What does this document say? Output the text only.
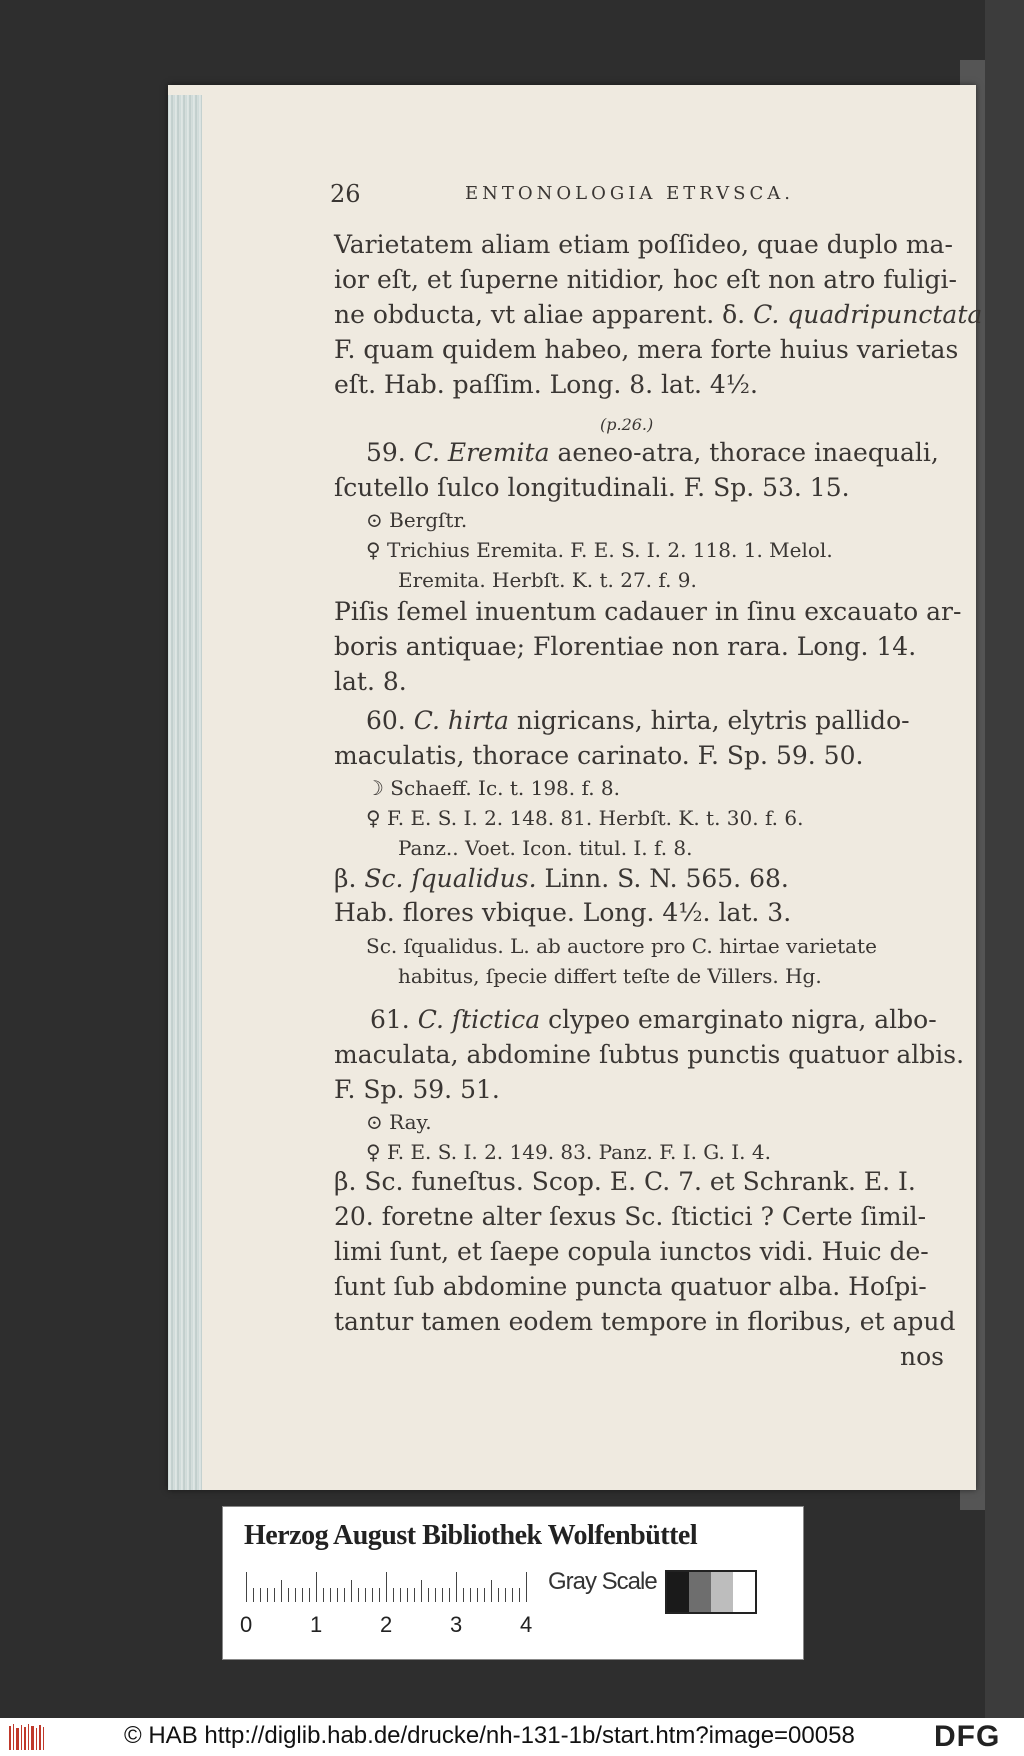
26	ENTONOLOGIA ETRVSCA.
Varietatem aliam etiam poſſideo, quae duplo ma-
ior eſt, et ſuperne nitidior, hoc eſt non atro fuligi-
ne obducta, vt aliae apparent. δ. C. quadripunctata
F. quam quidem habeo, mera forte huius varietas
eſt. Hab. paſſim. Long. 8. lat. 4½.
(p.26.)
59. C. Eremita aeneo-atra, thorace inaequali,
ſcutello ſulco longitudinali. F. Sp. 53. 15.
⊙ Bergſtr.
♀ Trichius Eremita. F. E. S. I. 2. 118. 1. Melol.
Eremita. Herbſt. K. t. 27. f. 9.
Piſis ſemel inuentum cadauer in ſinu excauato ar-
boris antiquae; Florentiae non rara. Long. 14.
lat. 8.
60. C. hirta nigricans, hirta, elytris pallido-
maculatis, thorace carinato. F. Sp. 59. 50.
☽ Schaeff. Ic. t. 198. f. 8.
♀ F. E. S. I. 2. 148. 81. Herbſt. K. t. 30. f. 6.
Panz.. Voet. Icon. titul. I. f. 8.
β. Sc. ſqualidus. Linn. S. N. 565. 68.
Hab. flores vbique. Long. 4½. lat. 3.
Sc. ſqualidus. L. ab auctore pro C. hirtae varietate
habitus, ſpecie differt teſte de Villers. Hg.
61. C. ſticticа clypeo emarginato nigra, albo-
maculata, abdomine ſubtus punctis quatuor albis.
F. Sp. 59. 51.
⊙ Ray.
♀ F. E. S. I. 2. 149. 83. Panz. F. I. G. I. 4.
β. Sc. funeſtus. Scop. E. C. 7. et Schrank. E. I.
20. foretne alter ſexus Sc. ſtictici ? Certe ſimil-
limi ſunt, et ſaepe copula iunctos vidi. Huic de-
ſunt ſub abdomine puncta quatuor alba. Hoſpi-
tantur tamen eodem tempore in floribus, et apud
nos
Herzog August Bibliothek Wolfenbüttel
0	1	2	3	4
Gray Scale
© HAB http://diglib.hab.de/drucke/nh-131-1b/start.htm?image=00058	DFG
